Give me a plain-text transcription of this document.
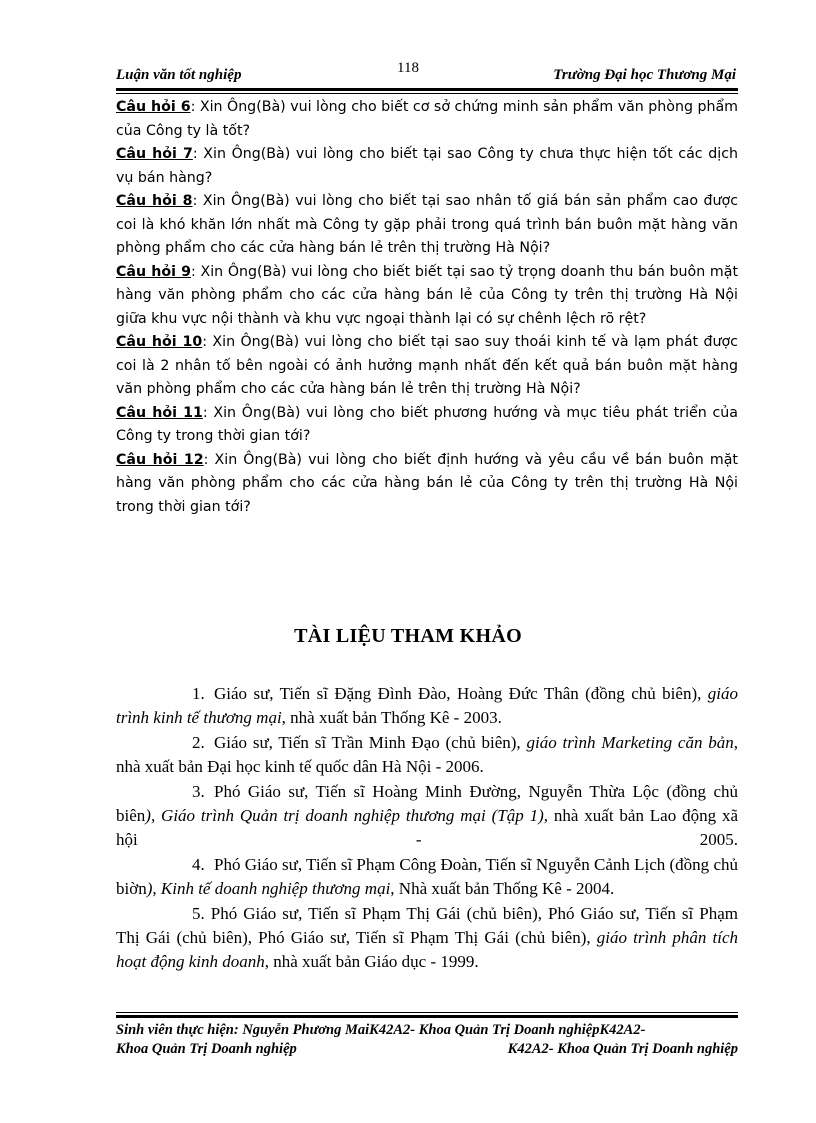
118
Luận văn tốt nghiệp	Trường Đại học Thương Mại

Câu hỏi 6: Xin Ông(Bà) vui lòng cho biết cơ sở chứng minh sản phẩm văn phòng phẩm của Công ty là tốt?

Câu hỏi 7: Xin Ông(Bà) vui lòng cho biết tại sao Công ty chưa thực hiện tốt các dịch vụ bán hàng?

Câu hỏi 8: Xin Ông(Bà) vui lòng cho biết tại sao nhân tố giá bán sản phẩm cao được coi là khó khăn lớn nhất mà Công ty gặp phải trong quá trình bán buôn mặt hàng văn phòng phẩm cho các cửa hàng bán lẻ trên thị trường Hà Nội?

Câu hỏi 9: Xin Ông(Bà) vui lòng cho biết biết tại sao tỷ trọng doanh thu bán buôn mặt hàng văn phòng phẩm cho các cửa hàng bán lẻ của Công ty trên thị trường Hà Nội giữa khu vực nội thành và khu vực ngoại thành lại có sự chênh lệch rõ rệt?

Câu hỏi 10: Xin Ông(Bà) vui lòng cho biết tại sao suy thoái kinh tế và lạm phát được coi là 2 nhân tố bên ngoài có ảnh hưởng mạnh nhất đến kết quả bán buôn mặt hàng văn phòng phẩm cho các cửa hàng bán lẻ trên thị trường Hà Nội?

Câu hỏi 11: Xin Ông(Bà) vui lòng cho biết phương hướng và mục tiêu phát triển của Công ty trong thời gian tới?

Câu hỏi 12: Xin Ông(Bà) vui lòng cho biết định hướng và yêu cầu về bán buôn mặt hàng văn phòng phẩm cho các cửa hàng bán lẻ của Công ty trên thị trường Hà Nội trong thời gian tới?

TÀI LIỆU THAM KHẢO

1. Giáo sư, Tiến sĩ Đặng Đình Đào, Hoàng Đức Thân (đồng chủ biên), giáo trình kinh tế thương mại, nhà xuất bản Thống Kê - 2003.

2. Giáo sư, Tiến sĩ Trần Minh Đạo (chủ biên), giáo trình Marketing căn bản, nhà xuất bản Đại học kinh tế quốc dân Hà Nội - 2006.

3. Phó Giáo sư, Tiến sĩ Hoàng Minh Đường, Nguyễn Thừa Lộc (đồng chủ biên), Giáo trình Quản trị doanh nghiệp thương mại (Tập 1), nhà xuất bản Lao động xã hội - 2005.

4. Phó Giáo sư, Tiến sĩ Phạm Công Đoàn, Tiến sĩ Nguyễn Cảnh Lịch (đồng chủ biờn), Kinh tế doanh nghiệp thương mại, Nhà xuất bản Thống Kê - 2004.

5. Phó Giáo sư, Tiến sĩ Phạm Thị Gái (chủ biên), Phó Giáo sư, Tiến sĩ Phạm Thị Gái (chủ biên), Phó Giáo sư, Tiến sĩ Phạm Thị Gái (chủ biên), giáo trình phân tích hoạt động kinh doanh, nhà xuất bản Giáo dục - 1999.

Sinh viên thực hiện: Nguyễn Phương MaiK42A2- Khoa Quản Trị Doanh nghiệpK42A2-
Khoa Quản Trị Doanh nghiệp	K42A2- Khoa Quản Trị Doanh nghiệp
